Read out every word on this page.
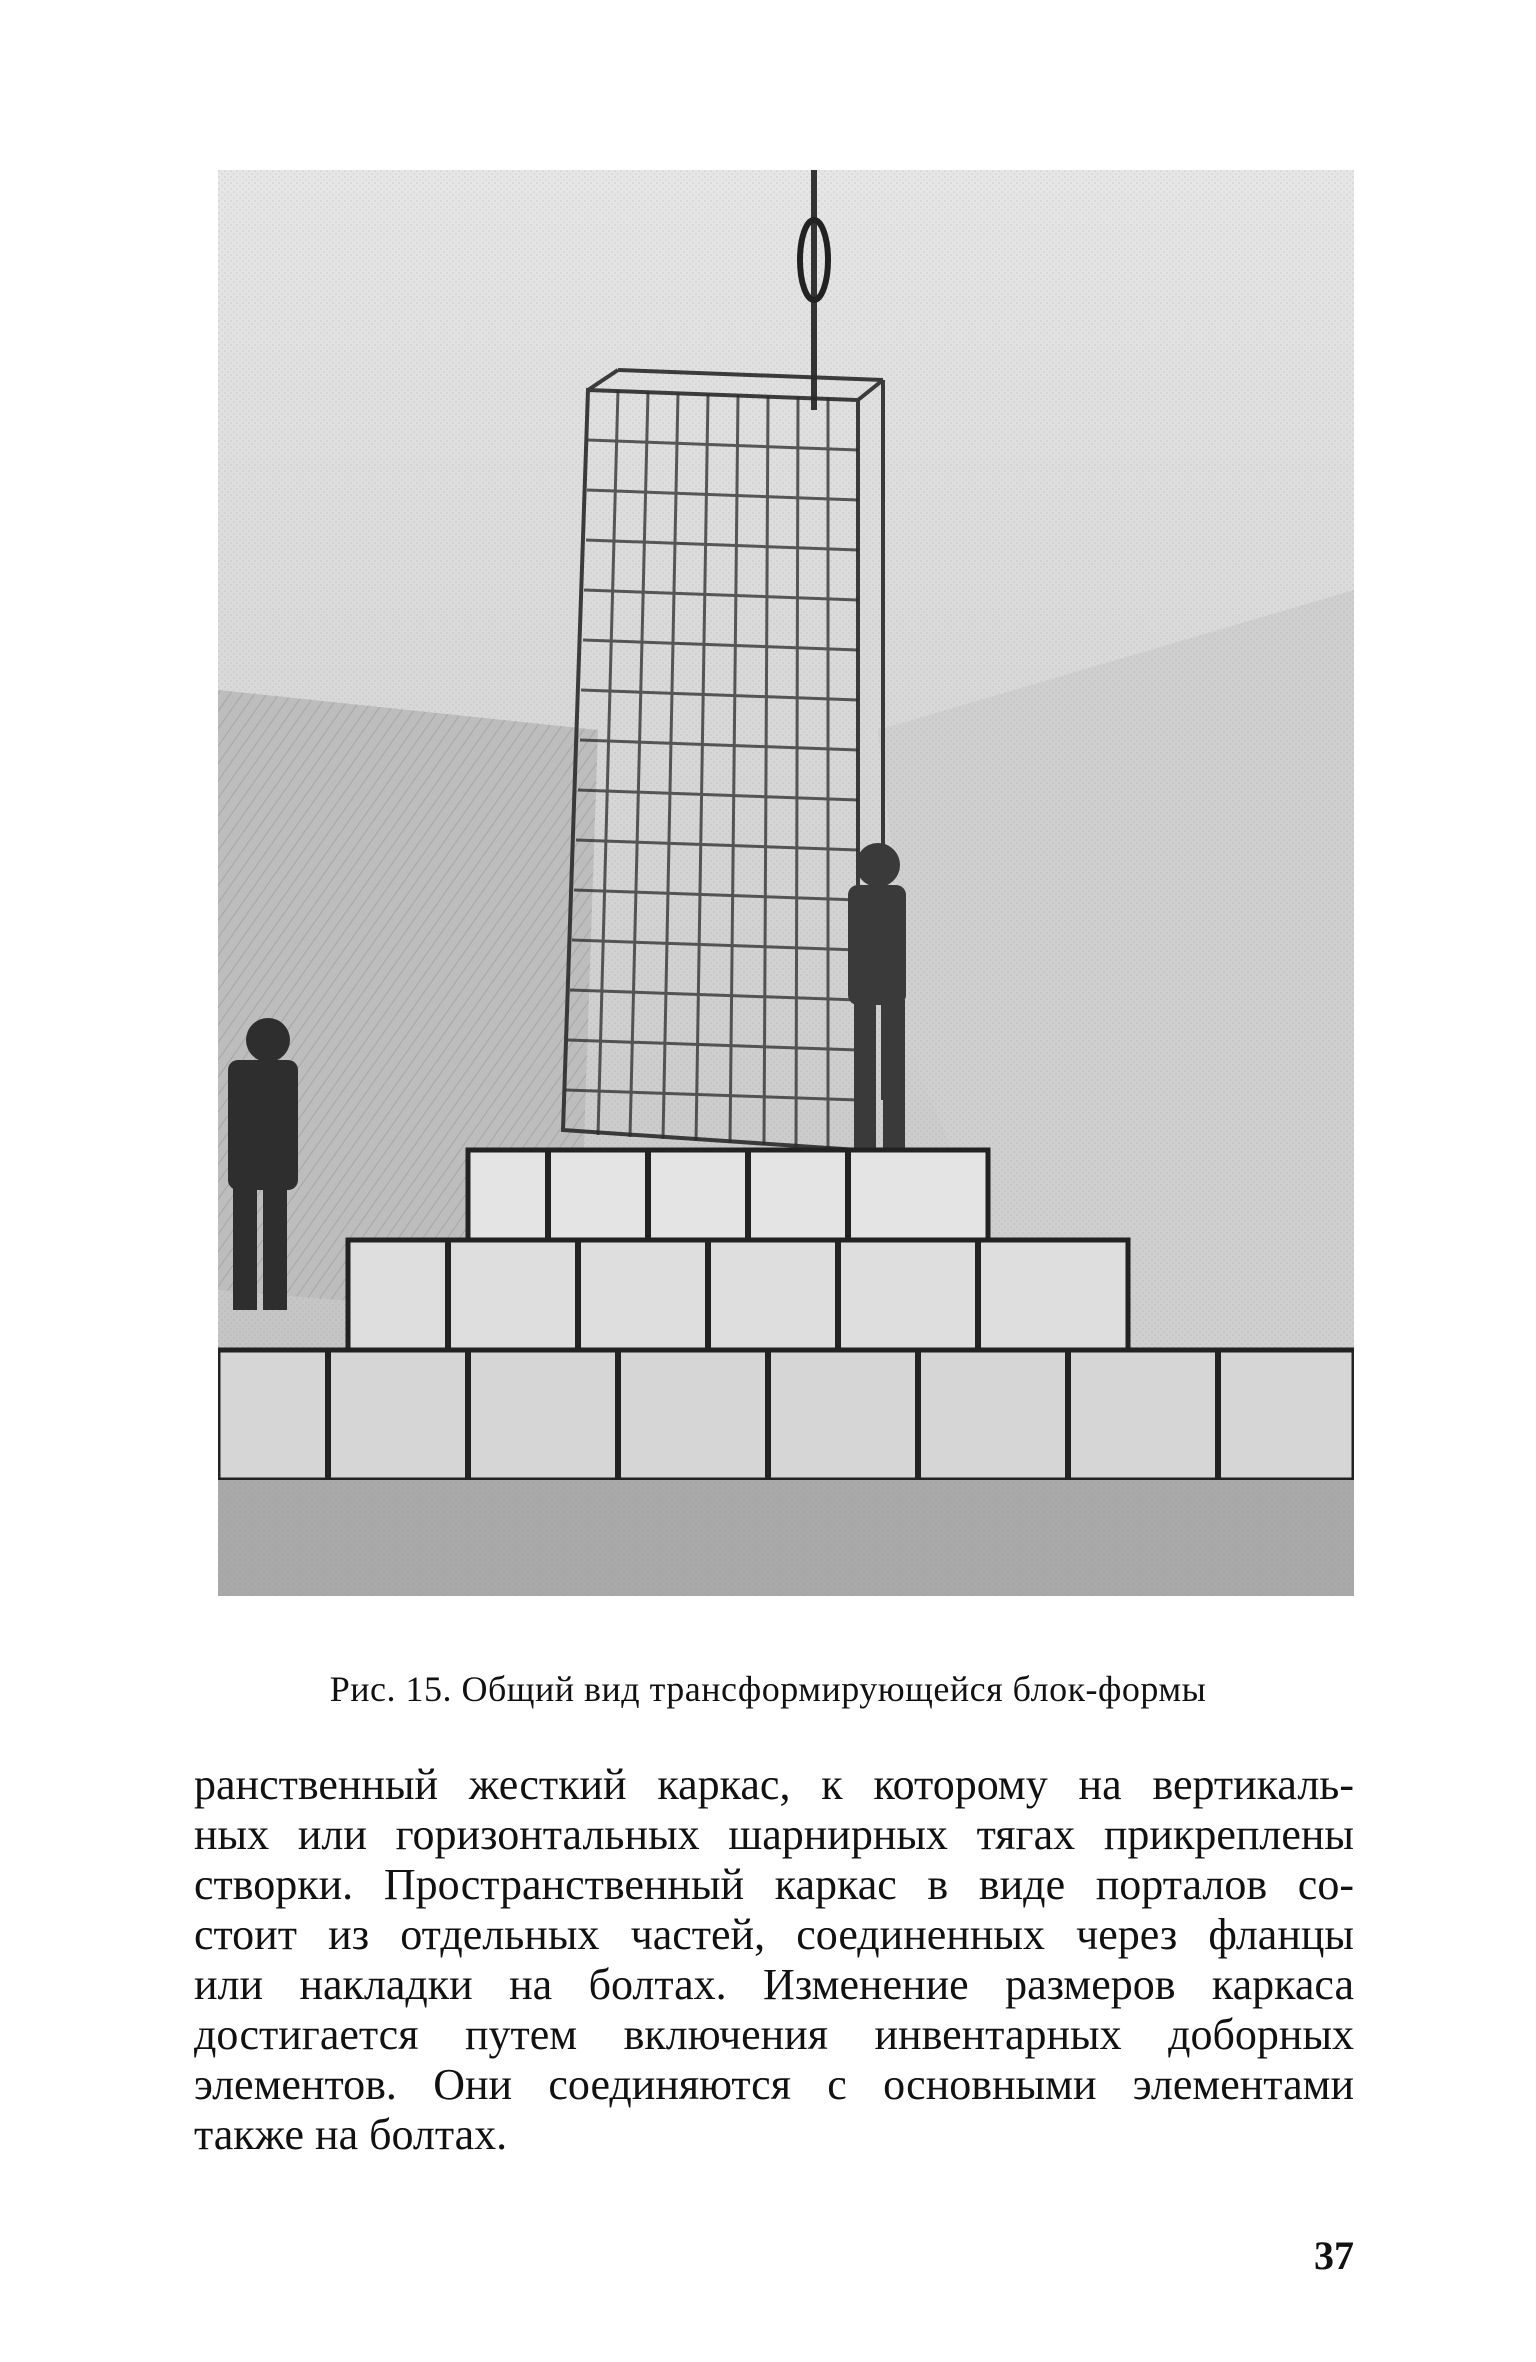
Рис. 15. Общий вид трансформирующейся блок-формы
ранственный жесткий каркас, к которому на вертикаль-
ных или горизонтальных шарнирных тягах прикреплены
створки. Пространственный каркас в виде порталов со-
стоит из отдельных частей, соединенных через фланцы
или накладки на болтах. Изменение размеров каркаса
достигается путем включения инвентарных доборных
элементов. Они соединяются с основными элементами
также на болтах.
37
